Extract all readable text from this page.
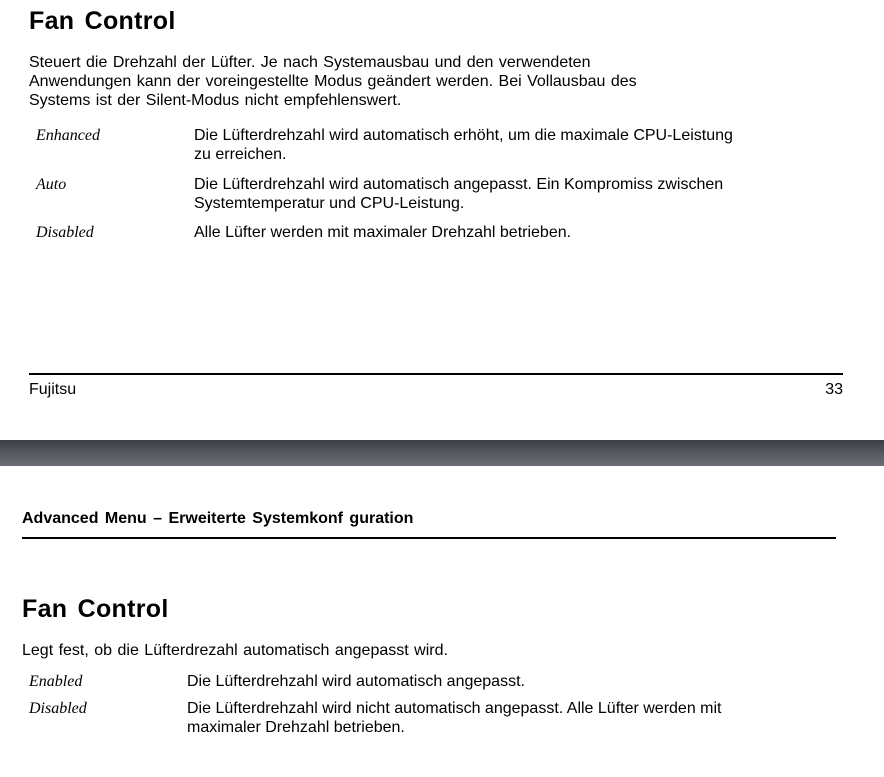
Fan Control
Steuert die Drehzahl der Lüfter. Je nach Systemausbau und den verwendeten
Anwendungen kann der voreingestellte Modus geändert werden. Bei Vollausbau des
Systems ist der Silent-Modus nicht empfehlenswert.
Enhanced	Die Lüfterdrehzahl wird automatisch erhöht, um die maximale CPU-Leistung
zu erreichen.
Auto	Die Lüfterdrehzahl wird automatisch angepasst. Ein Kompromiss zwischen
Systemtemperatur und CPU-Leistung.
Disabled	Alle Lüfter werden mit maximaler Drehzahl betrieben.
Fujitsu	33
Advanced Menu – Erweiterte Systemkonf guration
Fan Control
Legt fest, ob die Lüfterdrezahl automatisch angepasst wird.
Enabled	Die Lüfterdrehzahl wird automatisch angepasst.
Disabled	Die Lüfterdrehzahl wird nicht automatisch angepasst. Alle Lüfter werden mit
maximaler Drehzahl betrieben.
